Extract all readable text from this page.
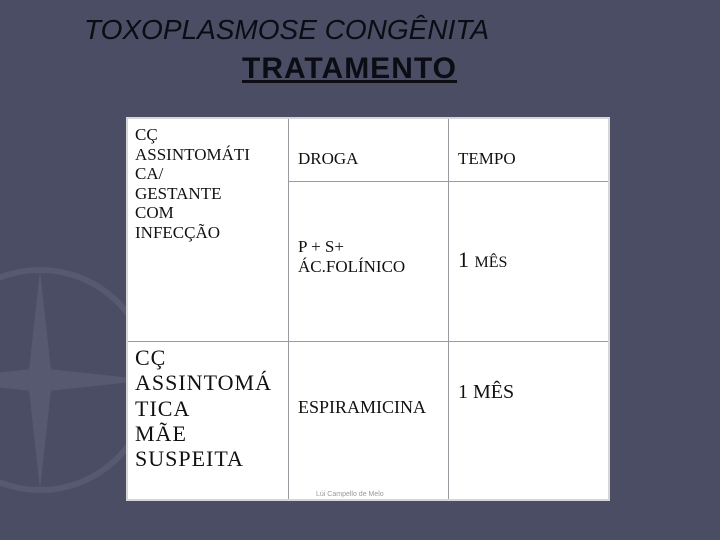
TOXOPLASMOSE CONGÊNITA
TRATAMENTO
CÇ
ASSINTOMÁTI
CA/
GESTANTE
COM
INFECÇÃO
DROGA	TEMPO
P + S+
ÁC.FOLÍNICO 1 MÊS
CÇ
ASSINTOMÁ
TICA
MÃE
SUSPEITA
ESPIRAMICINA
1 MÊS
Lúi Campello de Melo
